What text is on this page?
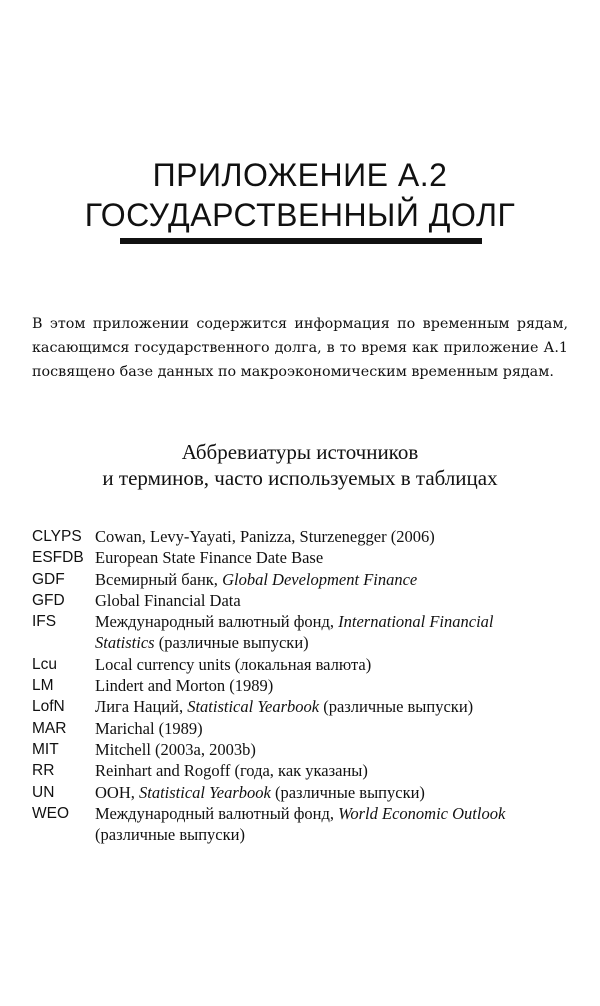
ПРИЛОЖЕНИЕ А.2
ГОСУДАРСТВЕННЫЙ ДОЛГ
В этом приложении содержится информация по временным рядам, касающимся государственного долга, в то время как приложение А.1 посвящено базе данных по макроэкономическим временным рядам.
Аббревиатуры источников
и терминов, часто используемых в таблицах
CLYPS Cowan, Levy-Yayati, Panizza, Sturzenegger (2006)
ESFDB European State Finance Date Base
GDF	Всемирный банк, Global Development Finance
GFD	Global Financial Data
IFS	Международный валютный фонд, International Financial
Statistics (различные выпуски)
Lcu	Local currency units (локальная валюта)
LM	Lindert and Morton (1989)
LofN	Лига Наций, Statistical Yearbook (различные выпуски)
MAR	Marichal (1989)
MIT	Mitchell (2003a, 2003b)
RR	Reinhart and Rogoff (года, как указаны)
UN	ООН, Statistical Yearbook (различные выпуски)
WEO	Международный валютный фонд, World Economic Outlook
(различные выпуски)
